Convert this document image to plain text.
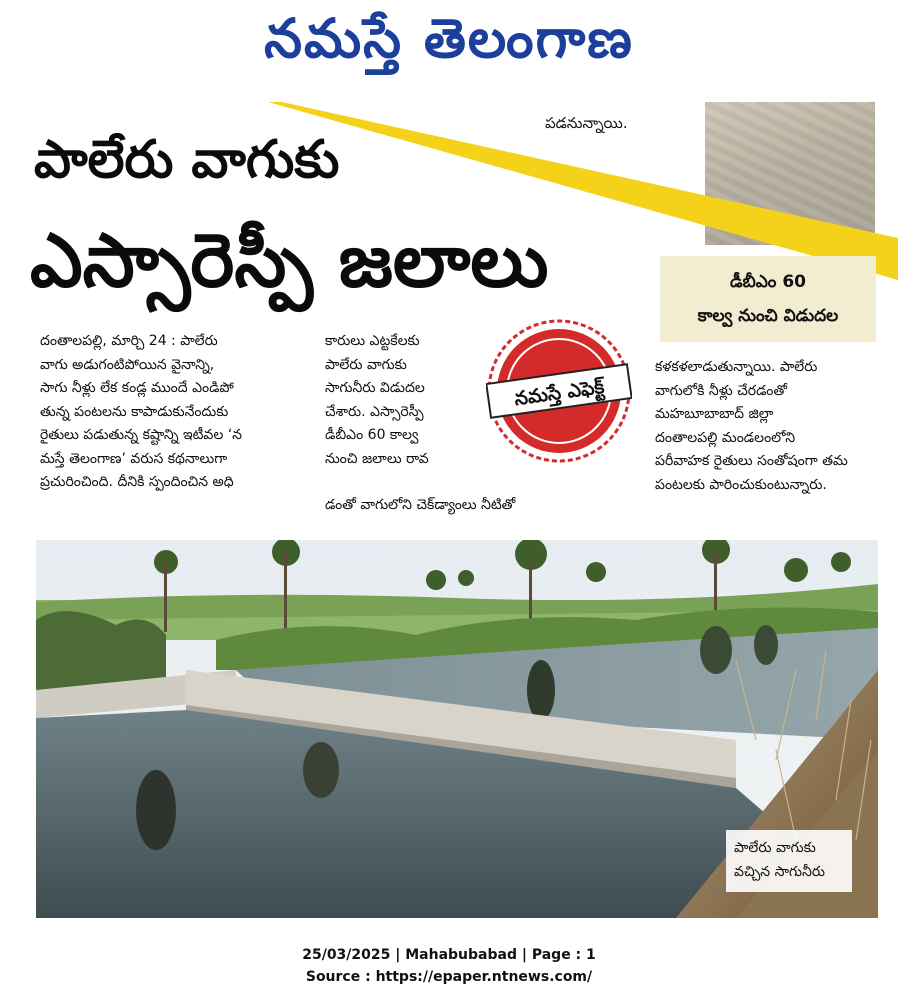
నమస్తే తెలంగాణ
పడనున్నాయి.
పాలేరు వాగుకు
ఎస్సారెస్పీ జలాలు	డీబీఎం 60
కాల్వ నుంచి విడుదల
దంతాలపల్లి, మార్చి 24 : పాలేరు
వాగు అడుగంటిపోయిన వైనాన్ని,
సాగు నీళ్లు లేక కండ్ల ముందే ఎండిపో
తున్న పంటలను కాపాడుకునేందుకు
రైతులు పడుతున్న కష్టాన్ని ఇటీవల ‘న
మస్తే తెలంగాణ’ వరుస కథనాలుగా
ప్రచురించింది. దీనికి స్పందించిన అధి
కారులు ఎట్టకేలకు
పాలేరు వాగుకు
సాగునీరు విడుదల
చేశారు. ఎస్సారెస్పీ
డీబీఎం 60 కాల్వ
నుంచి జలాలు రావ
డంతో వాగులోని చెక్‌డ్యాంలు నీటితో
నమస్తే ఎఫెక్ట్
కళకళలాడుతున్నాయి. పాలేరు
వాగులోకి నీళ్లు చేరడంతో
మహబూబాబాద్ జిల్లా
దంతాలపల్లి మండలంలోని
పరీవాహక రైతులు సంతోషంగా తమ
పంటలకు పారించుకుంటున్నారు.
పాలేరు వాగుకు
వచ్చిన సాగునీరు
25/03/2025 | Mahabubabad | Page : 1
Source : https://epaper.ntnews.com/
